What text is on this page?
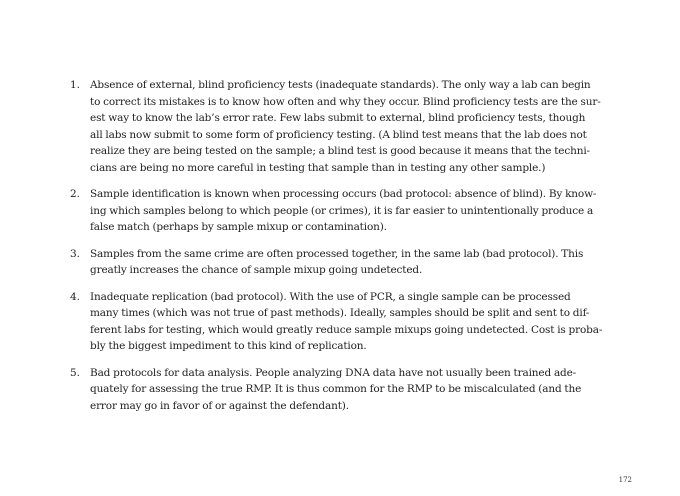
1. Absence of external, blind proficiency tests (inadequate standards). The only way a lab can begin
to correct its mistakes is to know how often and why they occur. Blind proficiency tests are the sur-
est way to know the lab’s error rate. Few labs submit to external, blind proficiency tests, though
all labs now submit to some form of proficiency testing. (A blind test means that the lab does not
realize they are being tested on the sample; a blind test is good because it means that the techni-
cians are being no more careful in testing that sample than in testing any other sample.)
2. Sample identification is known when processing occurs (bad protocol: absence of blind). By know-
ing which samples belong to which people (or crimes), it is far easier to unintentionally produce a
false match (perhaps by sample mixup or contamination).
3. Samples from the same crime are often processed together, in the same lab (bad protocol). This
greatly increases the chance of sample mixup going undetected.
4. Inadequate replication (bad protocol). With the use of PCR, a single sample can be processed
many times (which was not true of past methods). Ideally, samples should be split and sent to dif-
ferent labs for testing, which would greatly reduce sample mixups going undetected. Cost is proba-
bly the biggest impediment to this kind of replication.
5. Bad protocols for data analysis. People analyzing DNA data have not usually been trained ade-
quately for assessing the true RMP. It is thus common for the RMP to be miscalculated (and the
error may go in favor of or against the defendant).
172
